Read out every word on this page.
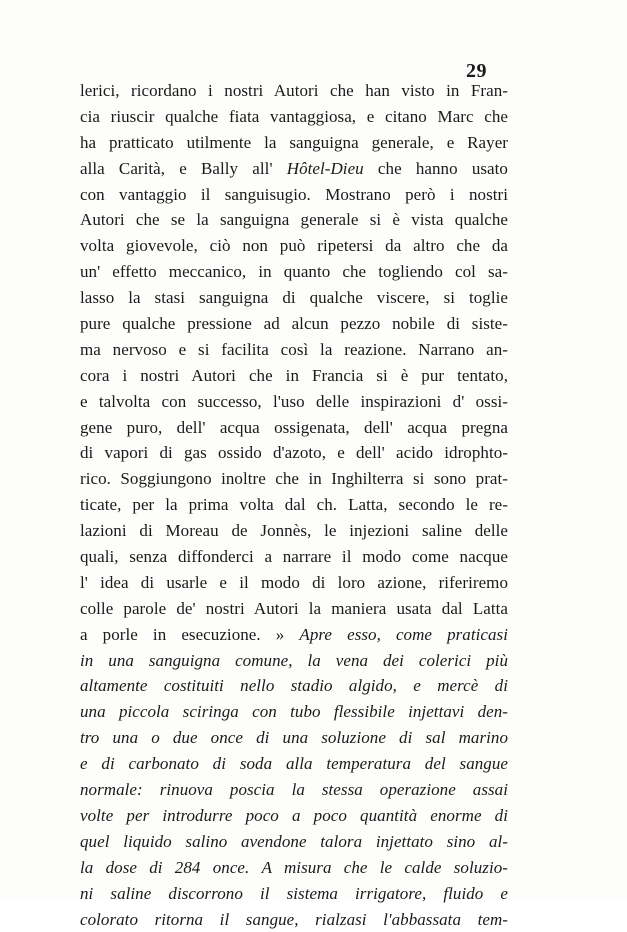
29
lerici, ricordano i nostri Autori che han visto in Fran-
cia riuscir qualche fiata vantaggiosa, e citano Marc che
ha pratticato utilmente la sanguigna generale, e Rayer
alla Carità, e Bally all' Hôtel-Dieu che hanno usato
con vantaggio il sanguisugio. Mostrano però i nostri
Autori che se la sanguigna generale si è vista qualche
volta giovevole, ciò non può ripetersi da altro che da
un' effetto meccanico, in quanto che togliendo col sa-
lasso la stasi sanguigna di qualche viscere, si toglie
pure qualche pressione ad alcun pezzo nobile di siste-
ma nervoso e si facilita così la reazione. Narrano an-
cora i nostri Autori che in Francia si è pur tentato,
e talvolta con successo, l'uso delle inspirazioni d' ossi-
gene puro, dell' acqua ossigenata, dell' acqua pregna
di vapori di gas ossido d'azoto, e dell' acido idrophto-
rico. Soggiungono inoltre che in Inghilterra si sono prat-
ticate, per la prima volta dal ch. Latta, secondo le re-
lazioni di Moreau de Jonnès, le injezioni saline delle
quali, senza diffonderci a narrare il modo come nacque
l' idea di usarle e il modo di loro azione, riferiremo
colle parole de' nostri Autori la maniera usata dal Latta
a porle in esecuzione. » Apre esso, come praticasi
in una sanguigna comune, la vena dei colerici più
altamente costituiti nello stadio algido, e mercè di
una piccola sciringa con tubo flessibile injettavi den-
tro una o due once di una soluzione di sal marino
e di carbonato di soda alla temperatura del sangue
normale: rinuova poscia la stessa operazione assai
volte per introdurre poco a poco quantità enorme di
quel liquido salino avendone talora injettato sino al-
la dose di 284 once. A misura che le calde soluzio-
ni saline discorrono il sistema irrigatore, fluido e
colorato ritorna il sangue, rialzasi l'abbassata tem-
